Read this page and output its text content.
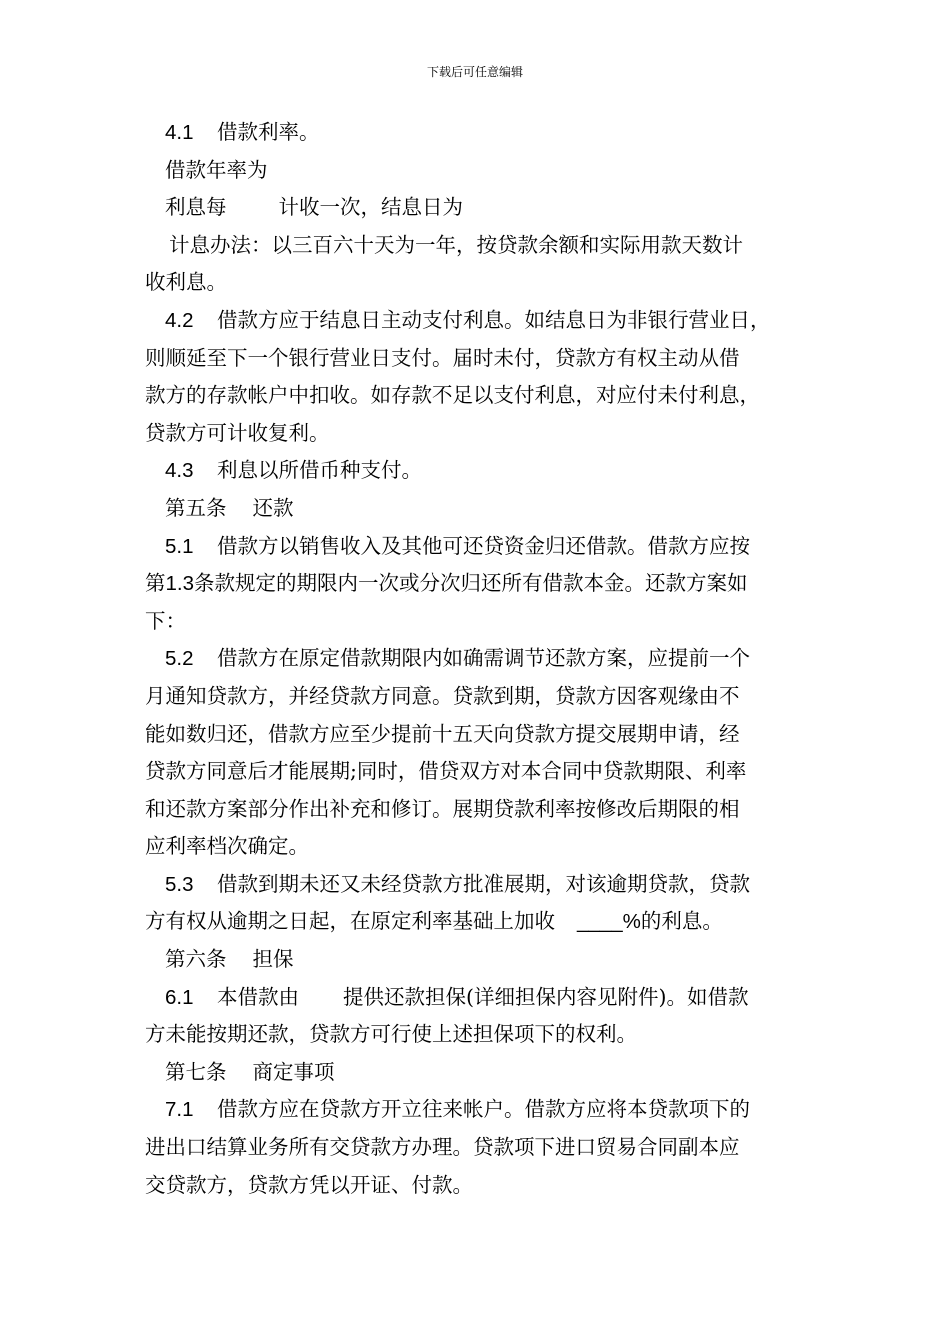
下载后可任意编辑

4.1 借款利率。

借款年率为

利息每	计收一次，结息日为

计息办法：以三百六十天为一年，按贷款余额和实际用款天数计

收利息。

4.2 借款方应于结息日主动支付利息。如结息日为非银行营业日，

则顺延至下一个银行营业日支付。届时未付，贷款方有权主动从借

款方的存款帐户中扣收。如存款不足以支付利息，对应付未付利息，

贷款方可计收复利。

4.3 利息以所借币种支付。

第五条 还款

5.1 借款方以销售收入及其他可还贷资金归还借款。借款方应按

第1.3条款规定的期限内一次或分次归还所有借款本金。还款方案如

下：

5.2 借款方在原定借款期限内如确需调节还款方案，应提前一个

月通知贷款方，并经贷款方同意。贷款到期，贷款方因客观缘由不

能如数归还，借款方应至少提前十五天向贷款方提交展期申请，经

贷款方同意后才能展期;同时，借贷双方对本合同中贷款期限、利率

和还款方案部分作出补充和修订。展期贷款利率按修改后期限的相

应利率档次确定。

5.3 借款到期未还又未经贷款方批准展期，对该逾期贷款，贷款

方有权从逾期之日起，在原定利率基础上加收 ____%的利息。

第六条 担保

6.1 本借款由 提供还款担保(详细担保内容见附件)。如借款

方未能按期还款，贷款方可行使上述担保项下的权利。

第七条 商定事项

7.1 借款方应在贷款方开立往来帐户。借款方应将本贷款项下的

进出口结算业务所有交贷款方办理。贷款项下进口贸易合同副本应

交贷款方，贷款方凭以开证、付款。
